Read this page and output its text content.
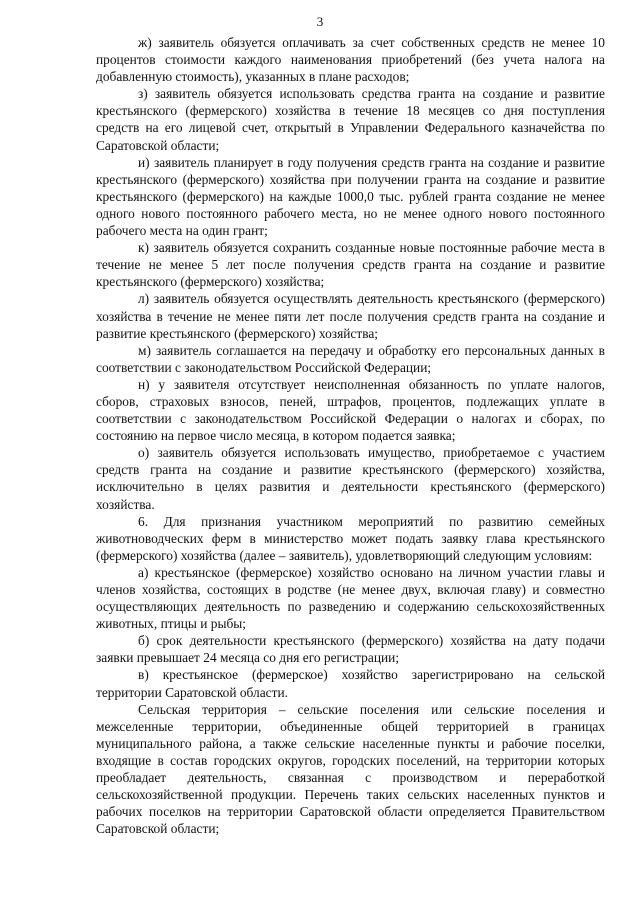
3

ж) заявитель обязуется оплачивать за счет собственных средств не менее 10 процентов стоимости каждого наименования приобретений (без учета налога на добавленную стоимость), указанных в плане расходов;

з) заявитель обязуется использовать средства гранта на создание и развитие крестьянского (фермерского) хозяйства в течение 18 месяцев со дня поступления средств на его лицевой счет, открытый в Управлении Федерального казначейства по Саратовской области;

и) заявитель планирует в году получения средств гранта на создание и развитие крестьянского (фермерского) хозяйства при получении гранта на создание и развитие крестьянского (фермерского) на каждые 1000,0 тыс. рублей гранта создание не менее одного нового постоянного рабочего места, но не менее одного нового постоянного рабочего места на один грант;

к) заявитель обязуется сохранить созданные новые постоянные рабочие места в течение не менее 5 лет после получения средств гранта на создание и развитие крестьянского (фермерского) хозяйства;

л) заявитель обязуется осуществлять деятельность крестьянского (фермерского) хозяйства в течение не менее пяти лет после получения средств гранта на создание и развитие крестьянского (фермерского) хозяйства;

м) заявитель соглашается на передачу и обработку его персональных данных в соответствии с законодательством Российской Федерации;

н) у заявителя отсутствует неисполненная обязанность по уплате налогов, сборов, страховых взносов, пеней, штрафов, процентов, подлежащих уплате в соответствии с законодательством Российской Федерации о налогах и сборах, по состоянию на первое число месяца, в котором подается заявка;

о) заявитель обязуется использовать имущество, приобретаемое с участием средств гранта на создание и развитие крестьянского (фермерского) хозяйства, исключительно в целях развития и деятельности крестьянского (фермерского) хозяйства.

6. Для признания участником мероприятий по развитию семейных животноводческих ферм в министерство может подать заявку глава крестьянского (фермерского) хозяйства (далее – заявитель), удовлетворяющий следующим условиям:

а) крестьянское (фермерское) хозяйство основано на личном участии главы и членов хозяйства, состоящих в родстве (не менее двух, включая главу) и совместно осуществляющих деятельность по разведению и содержанию сельскохозяйственных животных, птицы и рыбы;

б) срок деятельности крестьянского (фермерского) хозяйства на дату подачи заявки превышает 24 месяца со дня его регистрации;

в) крестьянское (фермерское) хозяйство зарегистрировано на сельской территории Саратовской области.

Сельская территория – сельские поселения или сельские поселения и межселенные территории, объединенные общей территорией в границах муниципального района, а также сельские населенные пункты и рабочие поселки, входящие в состав городских округов, городских поселений, на территории которых преобладает деятельность, связанная с производством и переработкой сельскохозяйственной продукции. Перечень таких сельских населенных пунктов и рабочих поселков на территории Саратовской области определяется Правительством Саратовской области;
